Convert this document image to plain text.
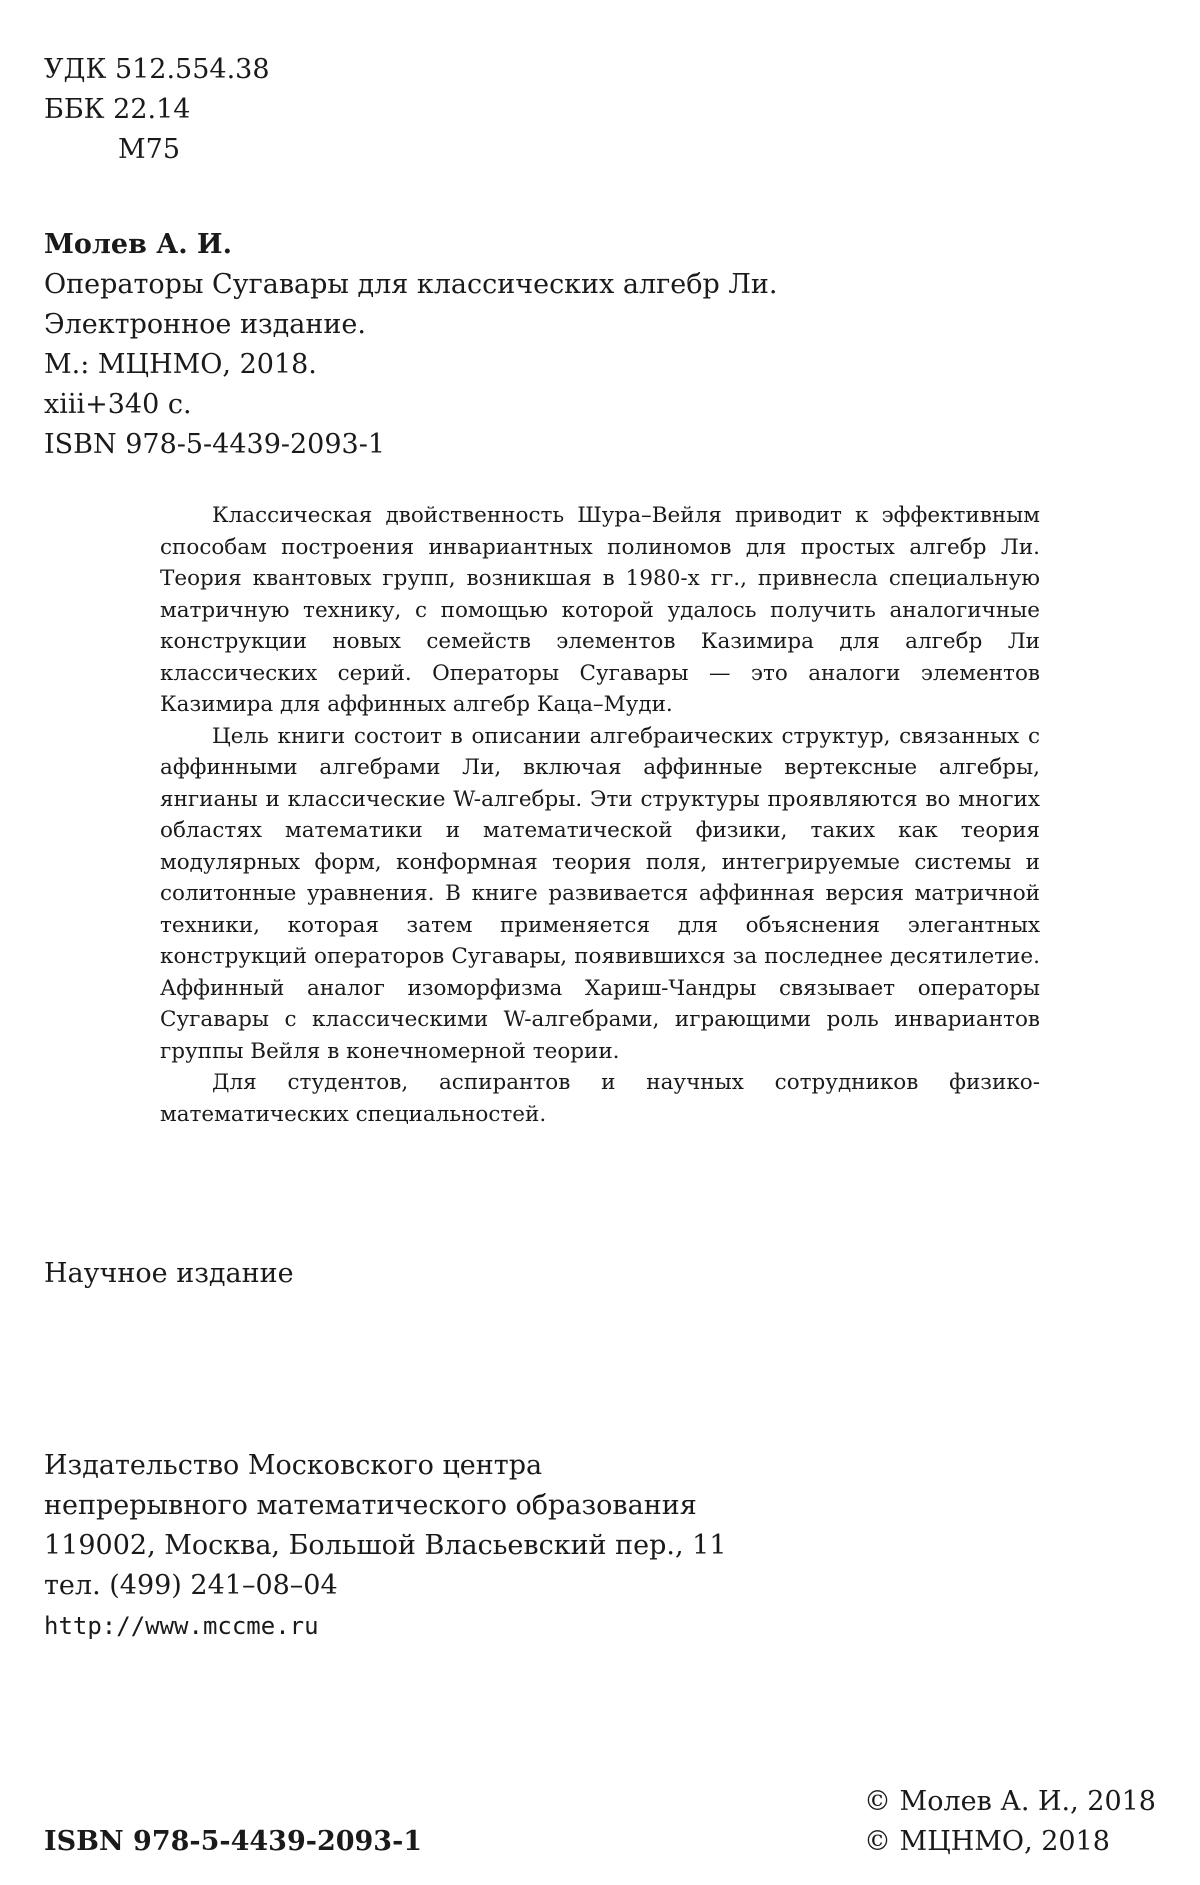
УДК 512.554.38
ББК 22.14
М75
Молев А. И.
Операторы Сугавары для классических алгебр Ли.
Электронное издание.
М.: МЦНМО, 2018.
xiii+340 с.
ISBN 978-5-4439-2093-1

Классическая двойственность Шура–Вейля приводит к эффективным способам построения инвариантных полиномов для простых алгебр Ли. Теория квантовых групп, возникшая в 1980-х гг., привнесла специальную матричную технику, с помощью которой удалось получить аналогичные конструкции новых семейств элементов Казимира для алгебр Ли классических серий. Операторы Сугавары — это аналоги элементов Казимира для аффинных алгебр Каца–Муди.

Цель книги состоит в описании алгебраических структур, связанных с аффинными алгебрами Ли, включая аффинные вертексные алгебры, янгианы и классические W-алгебры. Эти структуры проявляются во многих областях математики и математической физики, таких как теория модулярных форм, конформная теория поля, интегрируемые системы и солитонные уравнения. В книге развивается аффинная версия матричной техники, которая затем применяется для объяснения элегантных конструкций операторов Сугавары, появившихся за последнее десятилетие. Аффинный аналог изоморфизма Хариш-Чандры связывает операторы Сугавары с классическими W-алгебрами, играющими роль инвариантов группы Вейля в конечномерной теории.

Для студентов, аспирантов и научных сотрудников физико-математических специальностей.

Научное издание
Издательство Московского центра
непрерывного математического образования
119002, Москва, Большой Власьевский пер., 11
тел. (499) 241–08–04
http://www.mccme.ru
ISBN 978-5-4439-2093-1
© Молев А. И., 2018
© МЦНМО, 2018
